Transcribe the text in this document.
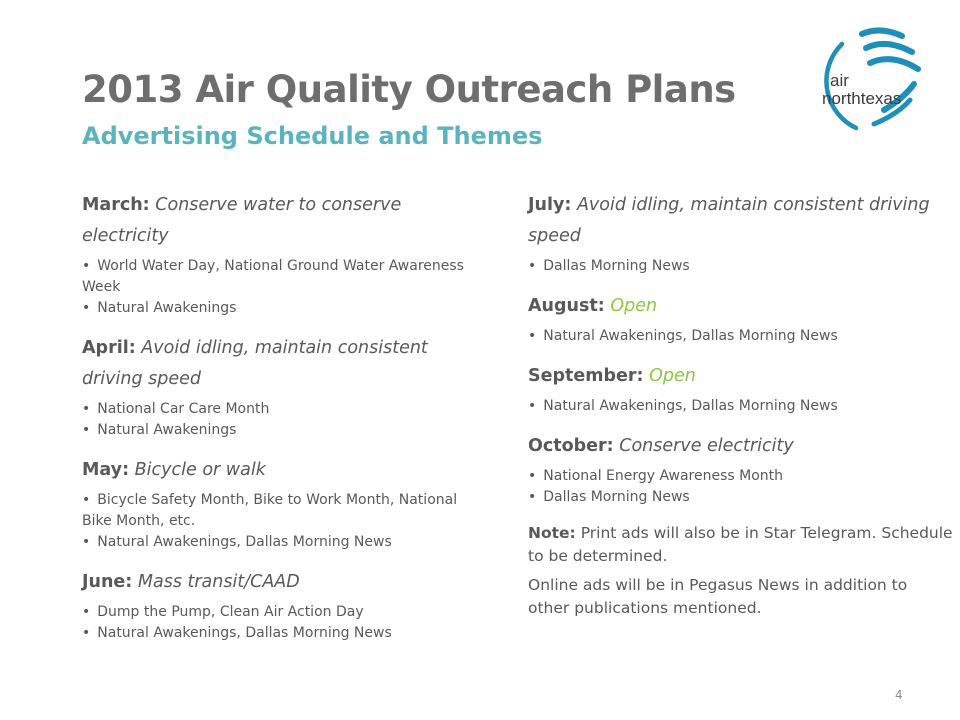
2013 Air Quality Outreach Plans
Advertising Schedule and Themes
air
northtexas
March: Conserve water to conserve electricity
• World Water Day, National Ground Water Awareness Week
• Natural Awakenings
April: Avoid idling, maintain consistent driving speed
• National Car Care Month
• Natural Awakenings
May: Bicycle or walk
• Bicycle Safety Month, Bike to Work Month, National Bike Month, etc.
• Natural Awakenings, Dallas Morning News
June: Mass transit/CAAD
• Dump the Pump, Clean Air Action Day
• Natural Awakenings, Dallas Morning News
July: Avoid idling, maintain consistent driving speed
• Dallas Morning News
August: Open
• Natural Awakenings, Dallas Morning News
September: Open
• Natural Awakenings, Dallas Morning News
October: Conserve electricity
• National Energy Awareness Month
• Dallas Morning News
Note: Print ads will also be in Star Telegram. Schedule to be determined.
Online ads will be in Pegasus News in addition to other publications mentioned.
4
